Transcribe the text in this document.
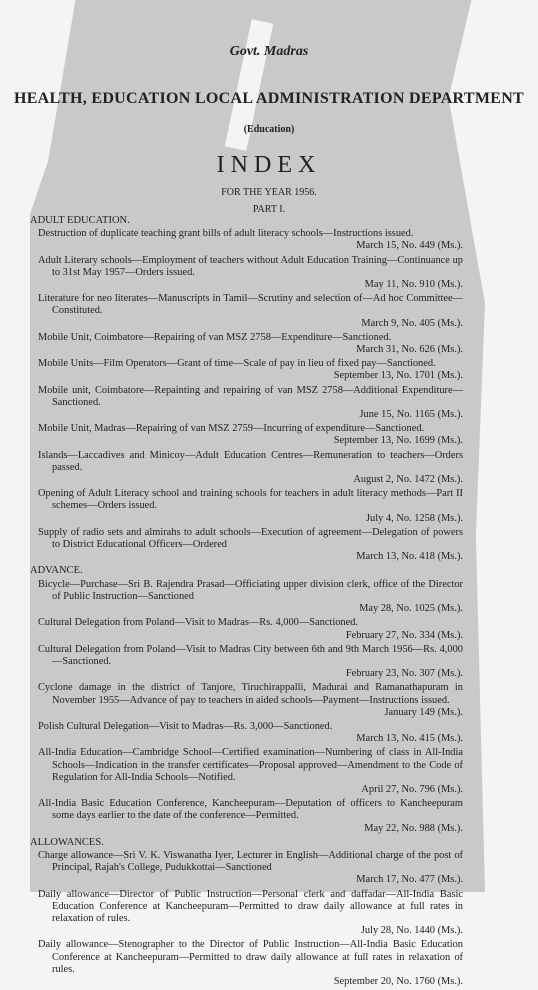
Govt. Madras
HEALTH, EDUCATION LOCAL ADMINISTRATION DEPARTMENT
(Education)
INDEX
FOR THE YEAR 1956.
PART I.
ADULT EDUCATION.
Destruction of duplicate teaching grant bills of adult literacy schools—Instructions issued.
March 15, No. 449 (Ms.).
Adult Literary schools—Employment of teachers without Adult Education Training—Continuance up to 31st May 1957—Orders issued.
May 11, No. 910 (Ms.).
Literature for neo literates—Manuscripts in Tamil—Scrutiny and selection of—Ad hoc Committee—Constituted.
March 9, No. 405 (Ms.).
Mobile Unit, Coimbatore—Repairing of van MSZ 2758—Expenditure—Sanctioned.
March 31, No. 626 (Ms.).
Mobile Units—Film Operators—Grant of time—Scale of pay in lieu of fixed pay—Sanctioned.
September 13, No. 1701 (Ms.).
Mobile unit, Coimbatore—Repainting and repairing of van MSZ 2758—Additional Expenditure—Sanctioned.
June 15, No. 1165 (Ms.).
Mobile Unit, Madras—Repairing of van MSZ 2759—Incurring of expenditure—Sanctioned.
September 13, No. 1699 (Ms.).
Islands—Laccadives and Minicoy—Adult Education Centres—Remuneration to teachers—Orders passed.
August 2, No. 1472 (Ms.).
Opening of Adult Literacy school and training schools for teachers in adult literacy methods—Part II schemes—Orders issued.
July 4, No. 1258 (Ms.).
Supply of radio sets and almirahs to adult schools—Execution of agreement—Delegation of powers to District Educational Officers—Ordered
March 13, No. 418 (Ms.).
ADVANCE.
Bicycle—Purchase—Sri B. Rajendra Prasad—Officiating upper division clerk, office of the Director of Public Instruction—Sanctioned
May 28, No. 1025 (Ms.).
Cultural Delegation from Poland—Visit to Madras—Rs. 4,000—Sanctioned.
February 27, No. 334 (Ms.).
Cultural Delegation from Poland—Visit to Madras City between 6th and 9th March 1956—Rs. 4,000—Sanctioned.
February 23, No. 307 (Ms.).
Cyclone damage in the district of Tanjore, Tiruchirappalli, Madurai and Ramanathapuram in November 1955—Advance of pay to teachers in aided schools—Payment—Instructions issued.
January 149 (Ms.).
Polish Cultural Delegation—Visit to Madras—Rs. 3,000—Sanctioned.
March 13, No. 415 (Ms.).
All-India Education—Cambridge School—Certified examination—Numbering of class in All-India Schools—Indication in the transfer certificates—Proposal approved—Amendment to the Code of Regulation for All-India Schools—Notified.
April 27, No. 796 (Ms.).
All-India Basic Education Conference, Kancheepuram—Deputation of officers to Kancheepuram some days earlier to the date of the conference—Permitted.
May 22, No. 988 (Ms.).
ALLOWANCES.
Charge allowance—Sri V. K. Viswanatha Iyer, Lecturer in English—Additional charge of the post of Principal, Rajah's College, Pudukkottai—Sanctioned
March 17, No. 477 (Ms.).
Daily allowance—Director of Public Instruction—Personal clerk and daffadar—All-India Basic Education Conference at Kancheepuram—Permitted to draw daily allowance at full rates in relaxation of rules.
July 28, No. 1440 (Ms.).
Daily allowance—Stenographer to the Director of Public Instruction—All-India Basic Education Conference at Kancheepuram—Permitted to draw daily allowance at full rates in relaxation of rules.
September 20, No. 1760 (Ms.).
